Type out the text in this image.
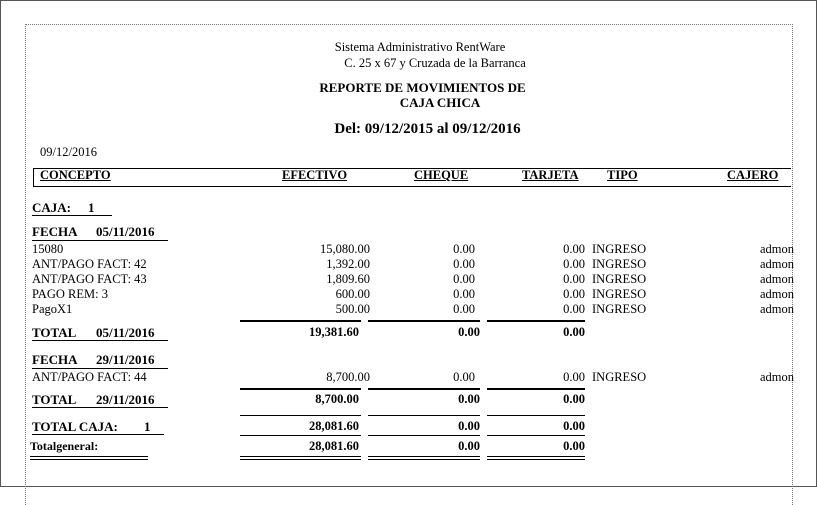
Sistema Administrativo RentWare
C. 25 x 67 y Cruzada de la Barranca
REPORTE DE MOVIMIENTOS DE
CAJA CHICA
Del: 09/12/2015 al 09/12/2016
09/12/2016
CONCEPTO	EFECTIVO	CHEQUE	TARJETA TIPO	CAJERO
CAJA: 1
FECHA 05/11/2016
15080	15,080.00	0.00	0.00 INGRESO	admon
ANT/PAGO FACT: 42	1,392.00	0.00	0.00 INGRESO	admon
ANT/PAGO FACT: 43	1,809.60	0.00	0.00 INGRESO	admon
PAGO REM: 3	600.00	0.00	0.00 INGRESO	admon
PagoX1	500.00	0.00	0.00 INGRESO	admon
TOTAL 05/11/2016	19,381.60	0.00	0.00
FECHA 29/11/2016
ANT/PAGO FACT: 44	8,700.00	0.00	0.00 INGRESO	admon
TOTAL 29/11/2016	8,700.00	0.00	0.00
TOTAL CAJA: 1	28,081.60	0.00	0.00
Totalgeneral:	28,081.60	0.00	0.00
